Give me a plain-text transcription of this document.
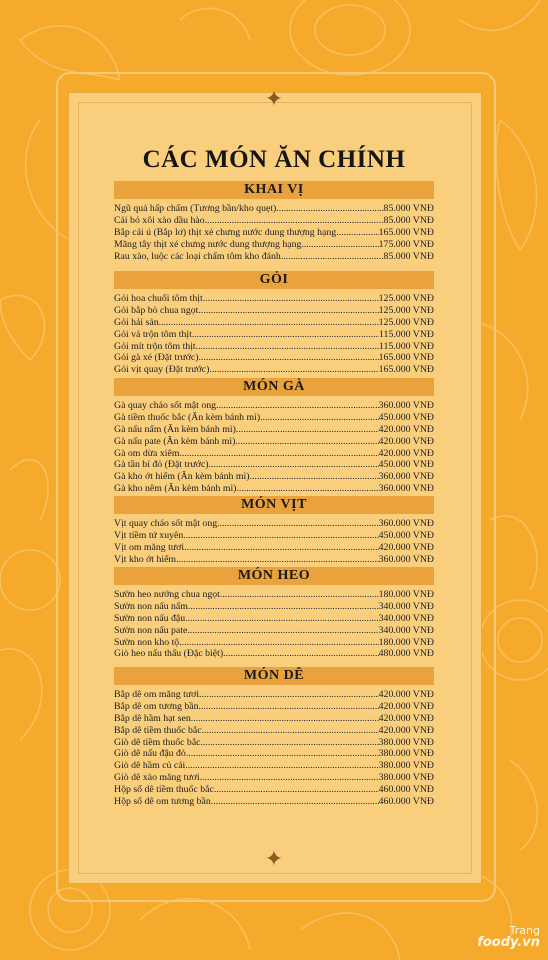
✦
✦
CÁC MÓN ĂN CHÍNH
KHAI VỊ
Ngũ quả hấp chấm (Tương bần/kho quẹt) .....	85.000 VNĐ
Cải bó xôi xào dầu hào .....	85.000 VNĐ
Bắp cải ú (Bắp lơ) thịt xé chưng nước dung thượng hạng .....	165.000 VNĐ
Măng tây thịt xé chưng nước dung thượng hạng .....	175.000 VNĐ
Rau xào, luộc các loại chấm tôm kho đánh .....	85.000 VNĐ
GỎI
Gỏi hoa chuối tôm thịt .....	125.000 VNĐ
Gỏi bắp bò chua ngọt .....	125.000 VNĐ
Gỏi hải sản .....	125.000 VNĐ
Gỏi vả trộn tôm thịt .....	115.000 VNĐ
Gỏi mít trộn tôm thịt .....	115.000 VNĐ
Gỏi gà xé (Đặt trước) .....	165.000 VNĐ
Gỏi vịt quay (Đặt trước) .....	165.000 VNĐ
MÓN GÀ
Gà quay cháo sốt mật ong .....	360.000 VNĐ
Gà tiềm thuốc bắc (Ăn kèm bánh mì) .....	450.000 VNĐ
Gà nấu nấm (Ăn kèm bánh mì) .....	420.000 VNĐ
Gà nấu pate (Ăn kèm bánh mì) .....	420.000 VNĐ
Gà om dừa xiêm .....	420.000 VNĐ
Gà tần bí đỏ (Đặt trước) .....	450.000 VNĐ
Gà kho ớt hiểm (Ăn kèm bánh mì) .....	360.000 VNĐ
Gà kho nêm (Ăn kèm bánh mì) .....	360.000 VNĐ
MÓN VỊT
Vịt quay cháo sốt mật ong .....	360.000 VNĐ
Vịt tiềm tứ xuyên .....	450.000 VNĐ
Vịt om măng tươi .....	420.000 VNĐ
Vịt kho ớt hiểm .....	360.000 VNĐ
MÓN HEO
Sườn heo nướng chua ngọt .....	180.000 VNĐ
Sườn non nấu nấm .....	340.000 VNĐ
Sườn non nấu đậu .....	340.000 VNĐ
Sườn non nấu pate .....	340.000 VNĐ
Sườn non kho tộ .....	180.000 VNĐ
Giò heo nấu thấu (Đặc biệt) .....	480.000 VNĐ
MÓN DÊ
Bắp dê om măng tươi .....	420.000 VNĐ
Bắp dê om tương bần .....	420.000 VNĐ
Bắp dê hầm hạt sen .....	420.000 VNĐ
Bắp dê tiềm thuốc bắc .....	420.000 VNĐ
Giò dê tiềm thuốc bắc .....	380.000 VNĐ
Giò dê nấu đậu đỏ .....	380.000 VNĐ
Giò dê hầm củ cải .....	380.000 VNĐ
Giò dê xào măng tươi .....	380.000 VNĐ
Hộp sổ dê tiềm thuốc bắc .....	460.000 VNĐ
Hộp sổ dê om tương bần .....	460.000 VNĐ
Trang
foody.vn
